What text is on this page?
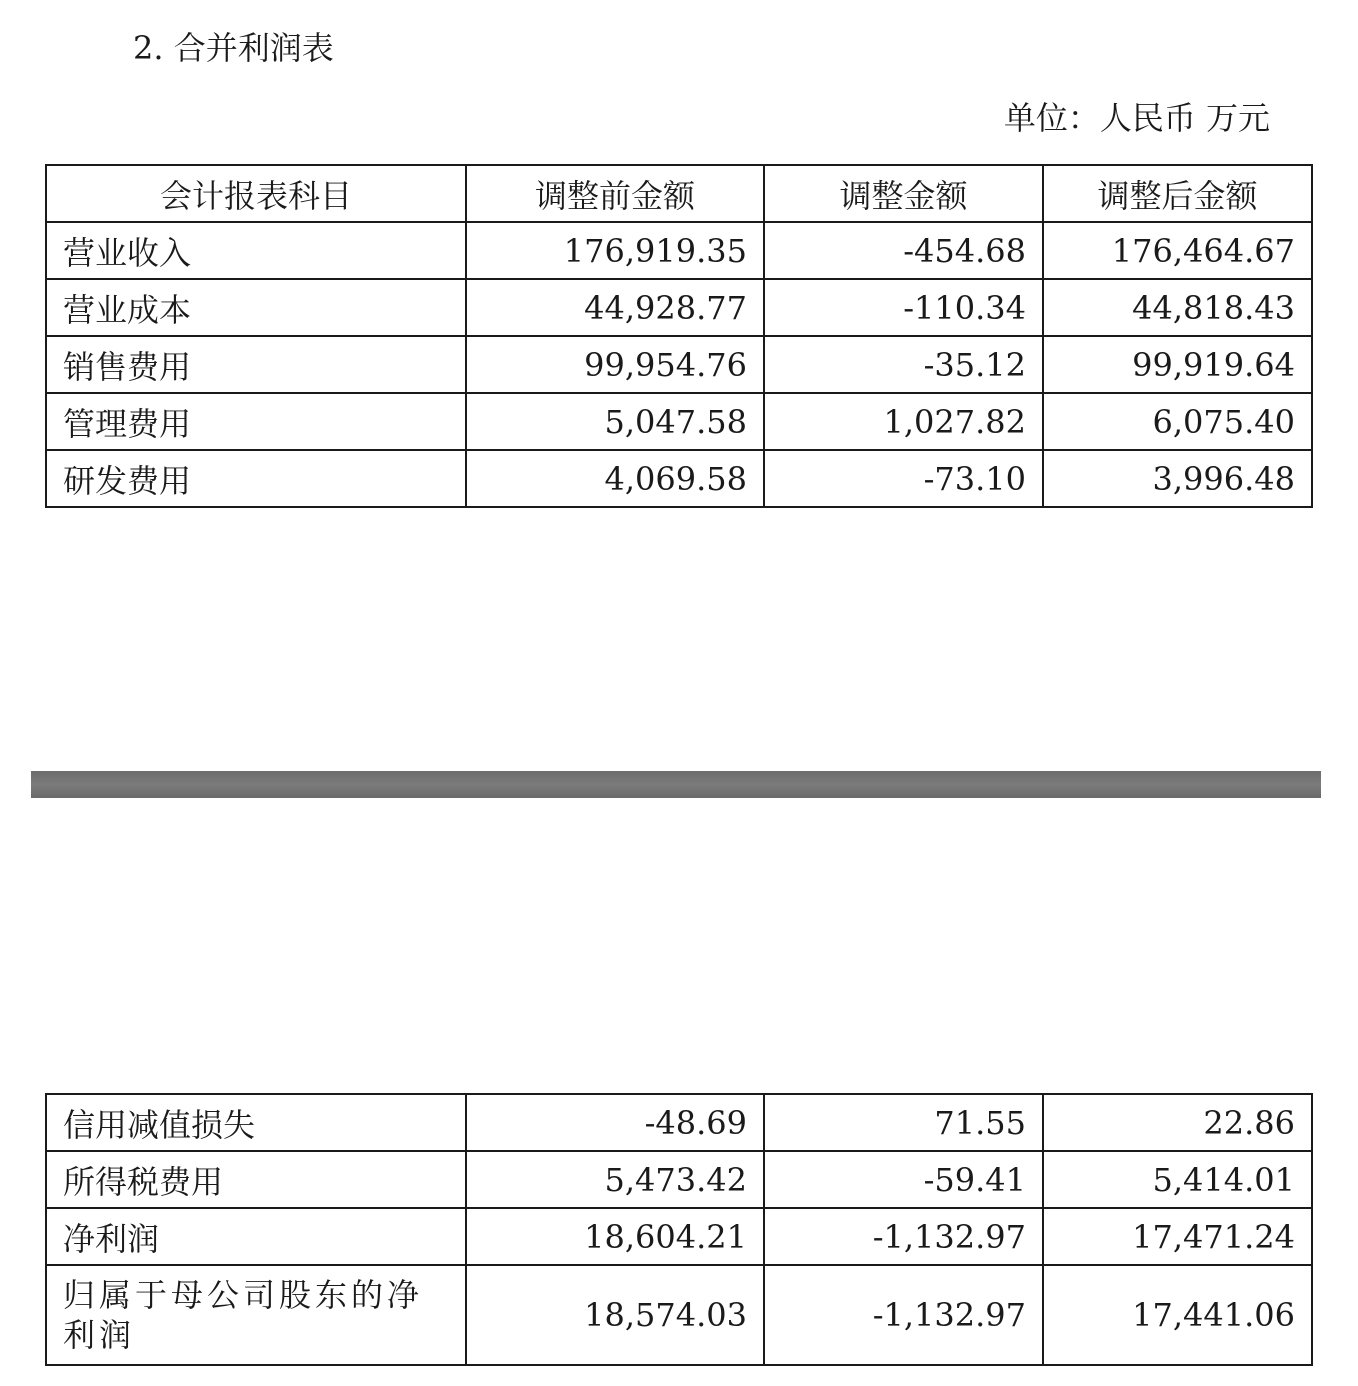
2. 合并利润表
单位：人民币 万元
会计报表科目	调整前金额	调整金额	调整后金额
营业收入	176,919.35	-454.68	176,464.67
营业成本	44,928.77	-110.34	44,818.43
销售费用	99,954.76	-35.12	99,919.64
管理费用	5,047.58	1,027.82	6,075.40
研发费用	4,069.58	-73.10	3,996.48
信用减值损失	-48.69	71.55	22.86
所得税费用	5,473.42	-59.41	5,414.01
净利润	18,604.21	-1,132.97	17,471.24
归属于母公司股东的净利润	18,574.03	-1,132.97	17,441.06
